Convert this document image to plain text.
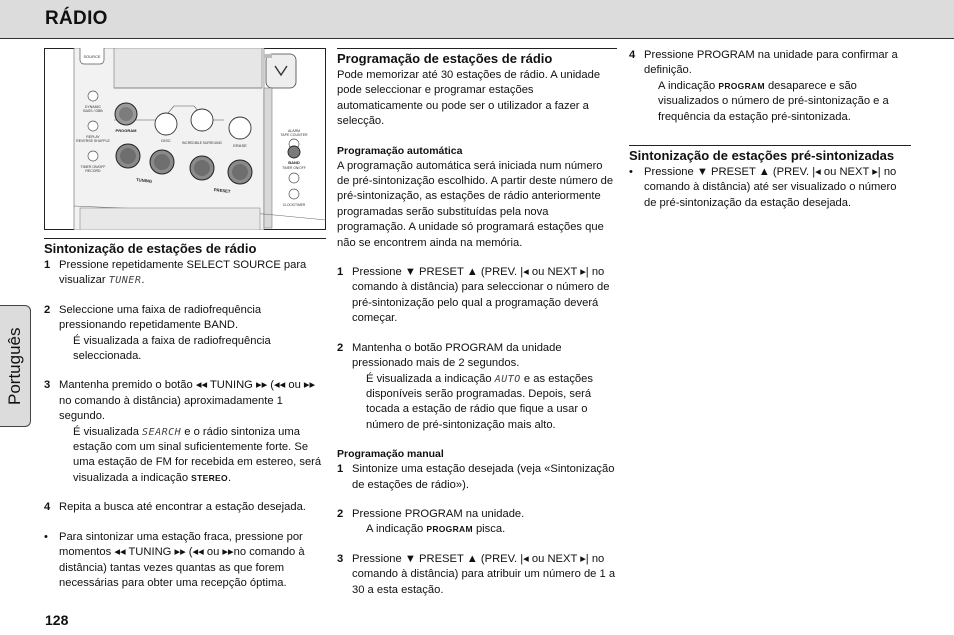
RÁDIO
Português
SOURCE
DYNAMIC
BASS / DBB
REPLAY
REVERSE SHUFFLE
TIMER ON/OFF
RECORD
PROGRAM
DISC	INCREDIBLE SURROUND	ERASE
TUNING
PRESET
ALARM
TAPE COUNTER
BAND
TIMER ON/OFF
CLOCK/TIMER
Sintonização de estações de rádio
1 Pressione repetidamente SELECT SOURCE para visualizar TUNER.
2 Seleccione uma faixa de radiofrequência pressionando repetidamente BAND.

É visualizada a faixa de radiofrequência seleccionada.

3 Mantenha premido o botão ◂◂ TUNING ▸▸ (◂◂ ou ▸▸ no comando à distância) aproximadamente 1 segundo.

É visualizada SEARCH e o rádio sintoniza uma estação com um sinal suficientemente forte. Se uma estação de FM for recebida em estereo, será visualizada a indicação STEREO.

4 Repita a busca até encontrar a estação desejada.
• Para sintonizar uma estação fraca, pressione por momentos ◂◂ TUNING ▸▸ (◂◂ ou ▸▸no comando à distância) tantas vezes quantas as que forem necessárias para obter uma recepção óptima.
Programação de estações de rádio

Pode memorizar até 30 estações de rádio. A unidade pode seleccionar e programar estações automaticamente ou pode ser o utilizador a fazer a selecção.

Programação automática

A programação automática será iniciada num número de pré-sintonização escolhido. A partir deste número de pré-sintonização, as estações de rádio anteriormente programadas serão substituídas pela nova programação. A unidade só programará estações que não se encontrem ainda na memória.

1 Pressione ▼ PRESET ▲ (PREV. |◂ ou NEXT ▸| no comando à distância) para seleccionar o número de pré-sintonização pelo qual a programação deverá começar.
2 Mantenha o botão PROGRAM da unidade pressionado mais de 2 segundos.

É visualizada a indicação AUTO e as estações disponíveis serão programadas. Depois, será tocada a estação de rádio que fique a usar o número de pré-sintonização mais alto.

Programação manual

1 Sintonize uma estação desejada (veja «Sintonização de estações de rádio»).
2 Pressione PROGRAM na unidade.

A indicação PROGRAM pisca.

3 Pressione ▼ PRESET ▲ (PREV. |◂ ou NEXT ▸| no comando à distância) para atribuir um número de 1 a 30 a esta estação.
4 Pressione PROGRAM na unidade para confirmar a definição.

A indicação PROGRAM desaparece e são visualizados o número de pré-sintonização e a frequência da estação pré-sintonizada.

Sintonização de estações pré-sintonizadas
• Pressione ▼ PRESET ▲ (PREV. |◂ ou NEXT ▸| no comando à distância) até ser visualizado o número de pré-sintonização da estação desejada.
128
